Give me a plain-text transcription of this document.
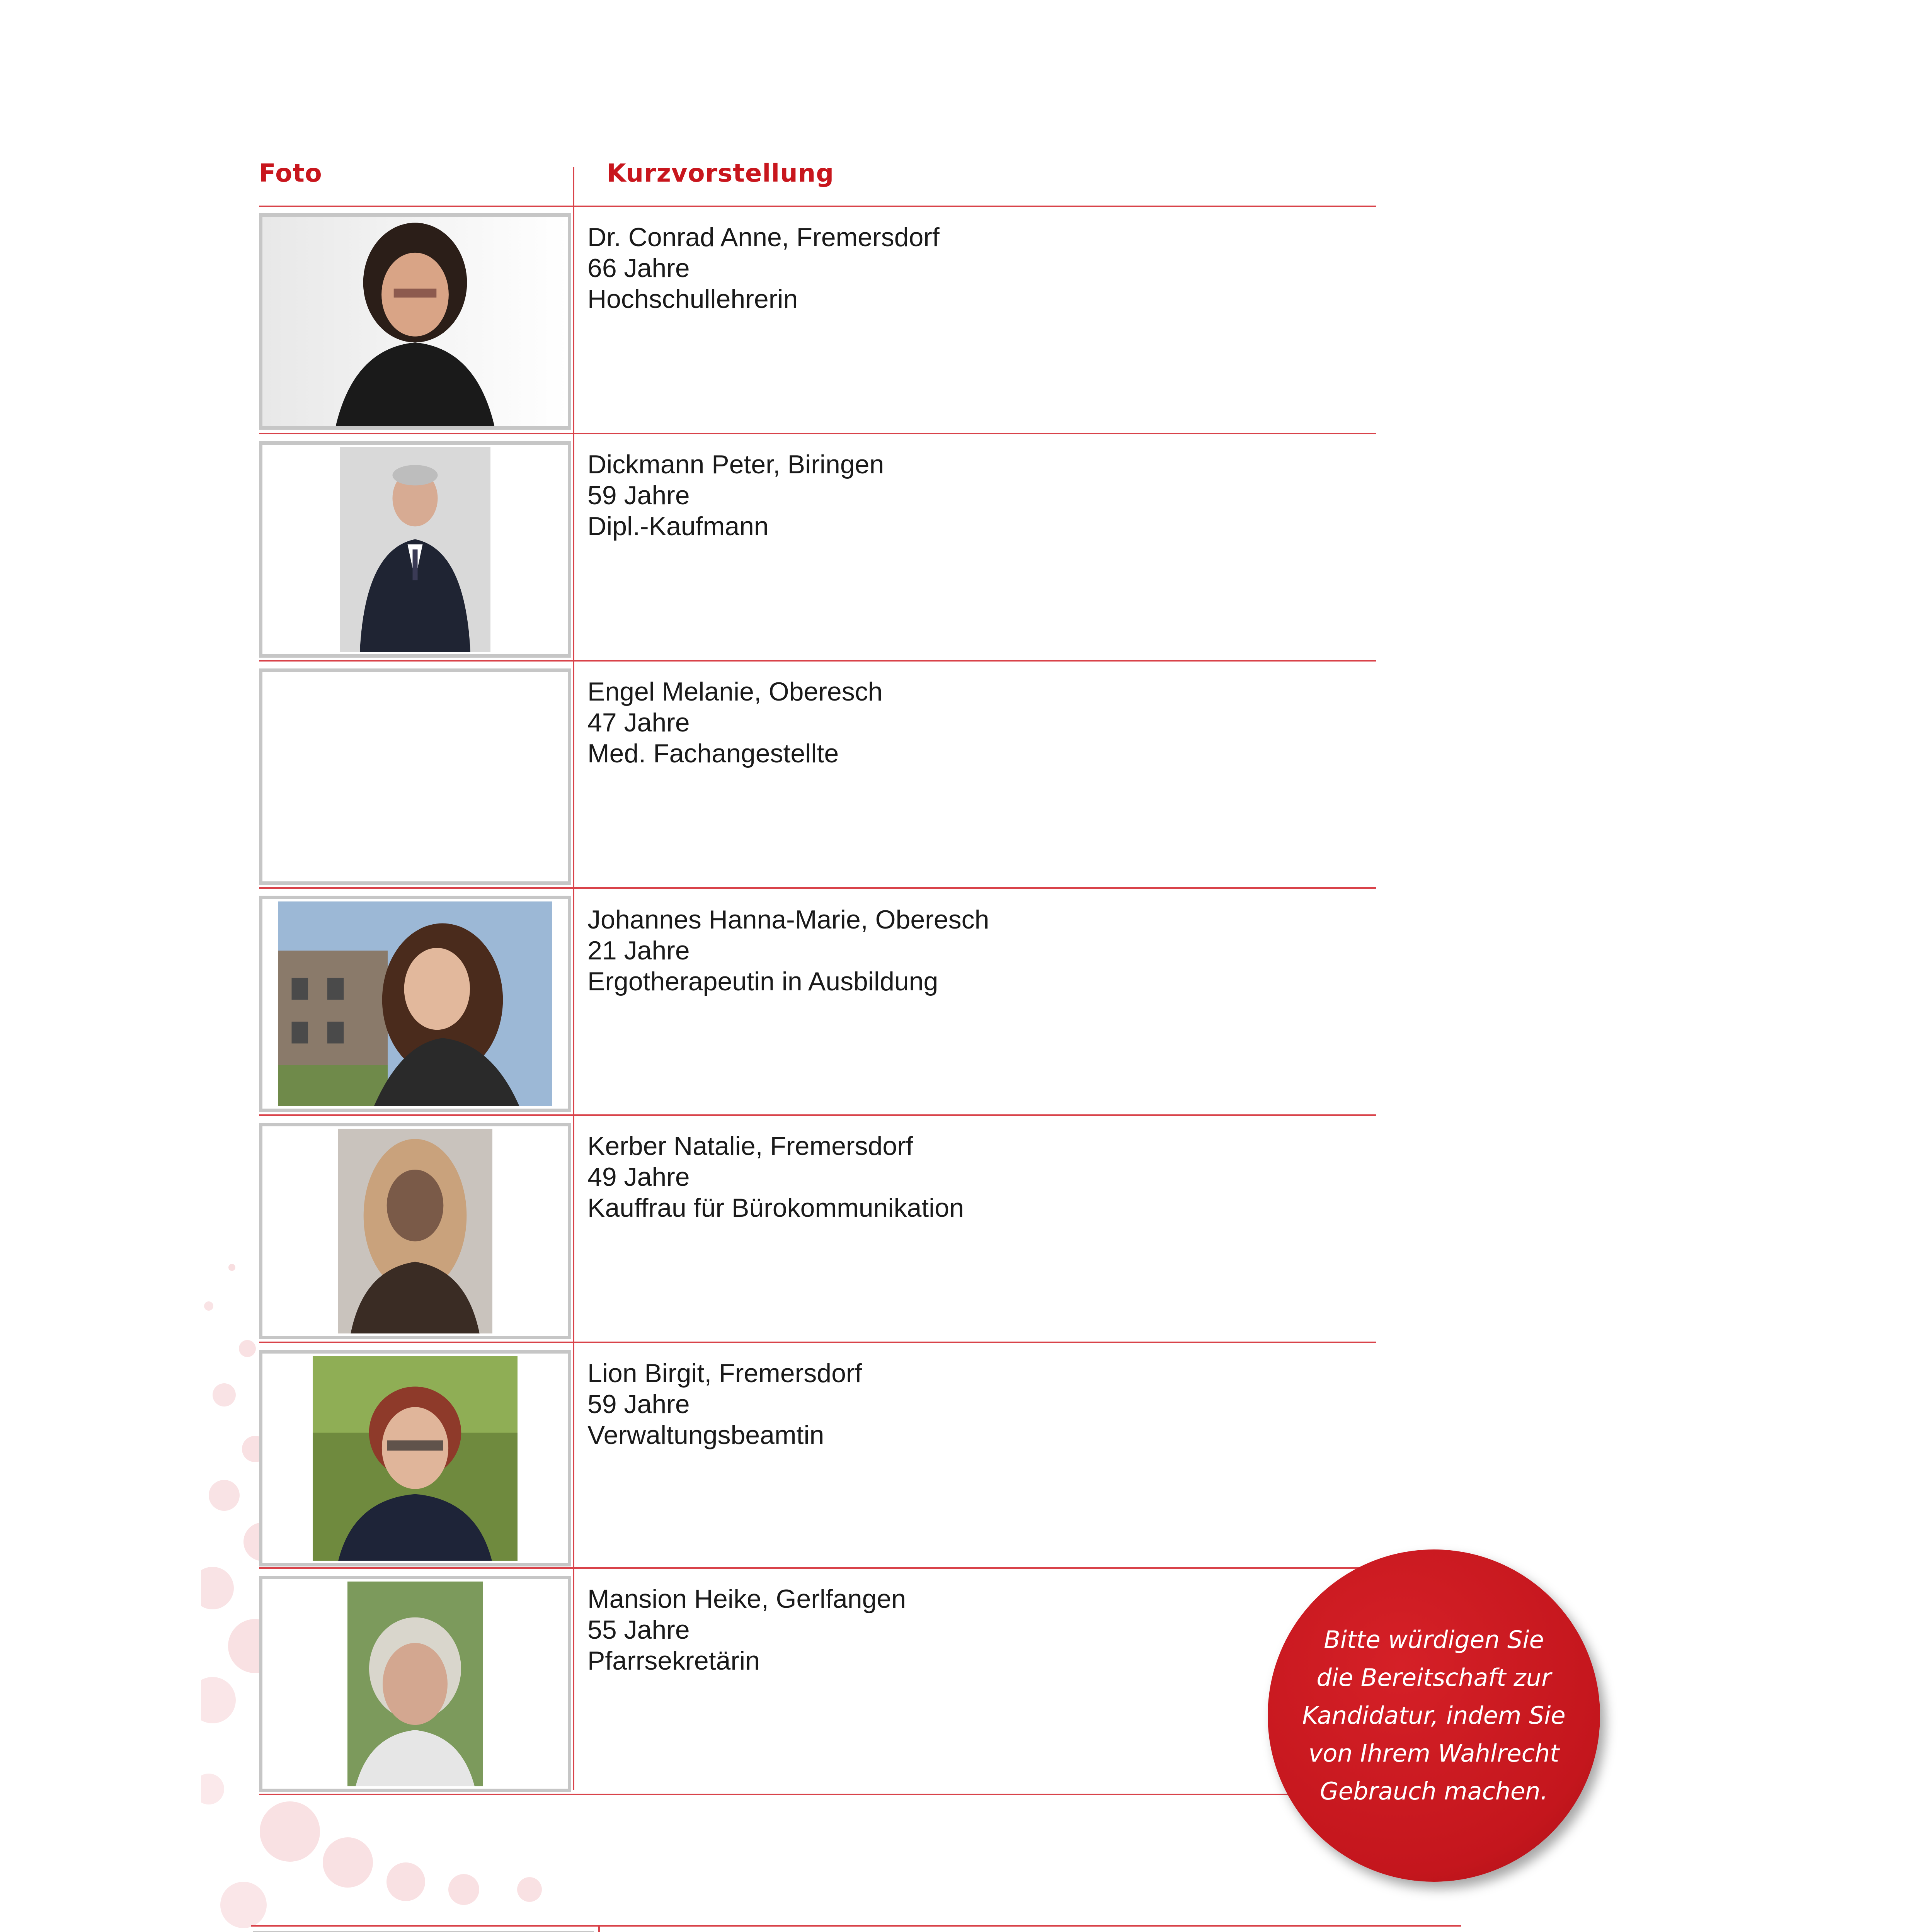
Foto	Kurzvorstellung
Dr. Conrad Anne, Fremersdorf
66 Jahre
Hochschullehrerin
Dickmann Peter, Biringen
59 Jahre
Dipl.-Kaufmann
Engel Melanie, Oberesch
47 Jahre
Med. Fachangestellte
Johannes Hanna-Marie, Oberesch
21 Jahre
Ergotherapeutin in Ausbildung
Kerber Natalie, Fremersdorf
49 Jahre
Kauffrau für Bürokommunikation
Lion Birgit, Fremersdorf
59 Jahre
Verwaltungsbeamtin
Mansion Heike, Gerlfangen
55 Jahre
Pfarrsekretärin
Bitte würdigen Sie
die Bereitschaft zur
Kandidatur, indem Sie
von Ihrem Wahlrecht
Gebrauch machen.
